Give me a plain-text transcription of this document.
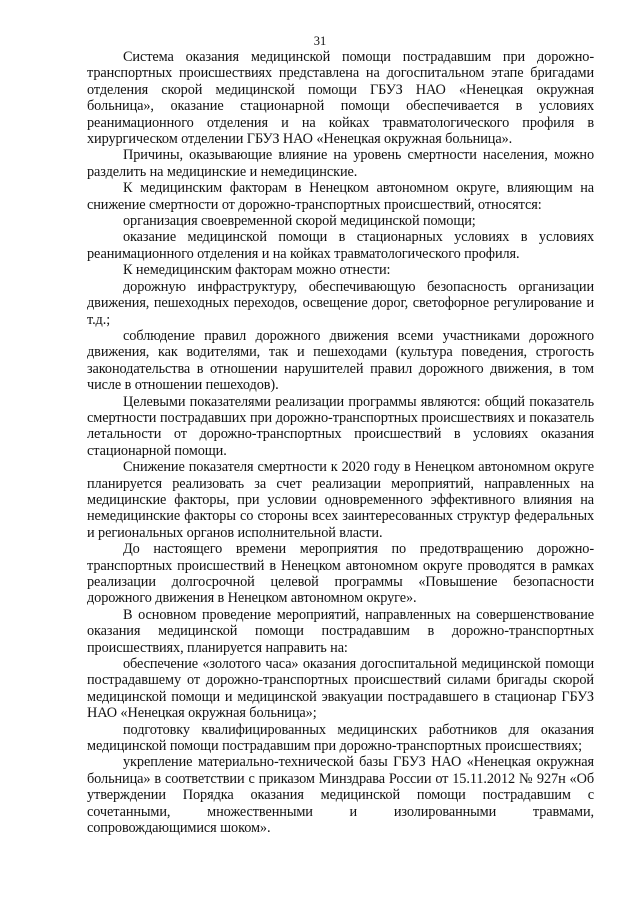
31

Система оказания медицинской помощи пострадавшим при дорожно-транспортных происшествиях представлена на догоспитальном этапе бригадами отделения скорой медицинской помощи ГБУЗ НАО «Ненецкая окружная больница», оказание стационарной помощи обеспечивается в условиях реанимационного отделения и на койках травматологического профиля в хирургическом отделении ГБУЗ НАО «Ненецкая окружная больница».

Причины, оказывающие влияние на уровень смертности населения, можно разделить на медицинские и немедицинские.

К медицинским факторам в Ненецком автономном округе, влияющим на снижение смертности от дорожно-транспортных происшествий, относятся:

организация своевременной скорой медицинской помощи;

оказание медицинской помощи в стационарных условиях в условиях реанимационного отделения и на койках травматологического профиля.

К немедицинским факторам можно отнести:

дорожную инфраструктуру, обеспечивающую безопасность организации движения, пешеходных переходов, освещение дорог, светофорное регулирование и т.д.;

соблюдение правил дорожного движения всеми участниками дорожного движения, как водителями, так и пешеходами (культура поведения, строгость законодательства в отношении нарушителей правил дорожного движения, в том числе в отношении пешеходов).

Целевыми показателями реализации программы являются: общий показатель смертности пострадавших при дорожно-транспортных происшествиях и показатель летальности от дорожно-транспортных происшествий в условиях оказания стационарной помощи.

Снижение показателя смертности к 2020 году в Ненецком автономном округе планируется реализовать за счет реализации мероприятий, направленных на медицинские факторы, при условии одновременного эффективного влияния на немедицинские факторы со стороны всех заинтересованных структур федеральных и региональных органов исполнительной власти.

До настоящего времени мероприятия по предотвращению дорожно-транспортных происшествий в Ненецком автономном округе проводятся в рамках реализации долгосрочной целевой программы «Повышение безопасности дорожного движения в Ненецком автономном округе».

В основном проведение мероприятий, направленных на совершенствование оказания медицинской помощи пострадавшим в дорожно-транспортных происшествиях, планируется направить на:

обеспечение «золотого часа» оказания догоспитальной медицинской помощи пострадавшему от дорожно-транспортных происшествий силами бригады скорой медицинской помощи и медицинской эвакуации пострадавшего в стационар ГБУЗ НАО «Ненецкая окружная больница»;

подготовку квалифицированных медицинских работников для оказания медицинской помощи пострадавшим при дорожно-транспортных происшествиях;

укрепление материально-технической базы ГБУЗ НАО «Ненецкая окружная больница» в соответствии с приказом Минздрава России от 15.11.2012 № 927н «Об утверждении Порядка оказания медицинской помощи пострадавшим с сочетанными, множественными и изолированными травмами, сопровождающимися шоком».
